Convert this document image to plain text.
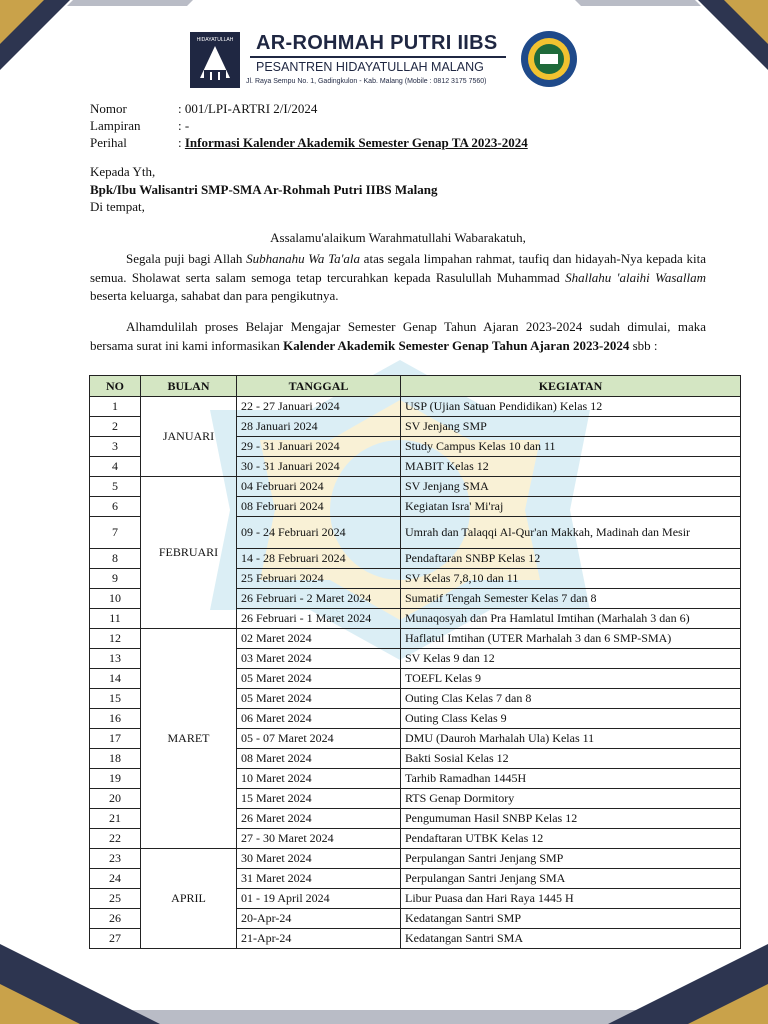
HIDAYATULLAH AR-ROHMAH PUTRI IIBS
PESANTREN HIDAYATULLAH MALANG
Jl. Raya Sempu No. 1, Gadingkulon - Kab. Malang (Mobile : 0812 3175 7560)
Nomor	: 001/LPI-ARTRI 2/I/2024
Lampiran	: -
Perihal	: Informasi Kalender Akademik Semester Genap TA 2023-2024
Kepada Yth,
Bpk/Ibu Walisantri SMP-SMA Ar-Rohmah Putri IIBS Malang
Di tempat,
Assalamu'alaikum Warahmatullahi Wabarakatuh,
Segala puji bagi Allah Subhanahu Wa Ta'ala atas segala limpahan rahmat, taufiq dan hidayah-Nya kepada kita semua. Sholawat serta salam semoga tetap tercurahkan kepada Rasulullah Muhammad Shallahu 'alaihi Wasallam beserta keluarga, sahabat dan para pengikutnya.
Alhamdulilah proses Belajar Mengajar Semester Genap Tahun Ajaran 2023-2024 sudah dimulai, maka bersama surat ini kami informasikan Kalender Akademik Semester Genap Tahun Ajaran 2023-2024 sbb :
NO	BULAN	TANGGAL	KEGIATAN
1	JANUARI	22 - 27 Januari 2024	USP (Ujian Satuan Pendidikan) Kelas 12
2		28 Januari 2024	SV Jenjang SMP
3		29 - 31 Januari 2024	Study Campus Kelas 10 dan 11
4		30 - 31 Januari 2024	MABIT Kelas 12
5	FEBRUARI	04 Februari 2024	SV Jenjang SMA
6		08 Februari 2024	Kegiatan Isra' Mi'raj
7		09 - 24 Februari 2024	Umrah dan Talaqqi Al-Qur'an Makkah, Madinah dan Mesir
8		14 - 28 Februari 2024	Pendaftaran SNBP Kelas 12
9		25 Februari 2024	SV Kelas 7,8,10 dan 11
10		26 Februari - 2 Maret 2024	Sumatif Tengah Semester Kelas 7 dan 8
11		26 Februari - 1 Maret 2024	Munaqosyah dan Pra Hamlatul Imtihan (Marhalah 3 dan 6)
12	MARET	02 Maret 2024	Haflatul Imtihan (UTER Marhalah 3 dan 6 SMP-SMA)
13		03 Maret 2024	SV Kelas 9 dan 12
14		05 Maret 2024	TOEFL Kelas 9
15		05 Maret 2024	Outing Clas Kelas 7 dan 8
16		06 Maret 2024	Outing Class Kelas 9
17		05 - 07 Maret 2024	DMU (Dauroh Marhalah Ula) Kelas 11
18		08 Maret 2024	Bakti Sosial Kelas 12
19		10 Maret 2024	Tarhib Ramadhan 1445H
20		15 Maret 2024	RTS Genap Dormitory
21		26 Maret 2024	Pengumuman Hasil SNBP Kelas 12
22		27 - 30 Maret 2024	Pendaftaran UTBK Kelas 12
23	APRIL	30 Maret 2024	Perpulangan Santri Jenjang SMP
24		31 Maret 2024	Perpulangan Santri Jenjang SMA
25		01 - 19 April 2024	Libur Puasa dan Hari Raya 1445 H
26		20-Apr-24	Kedatangan Santri SMP
27		21-Apr-24	Kedatangan Santri SMA
